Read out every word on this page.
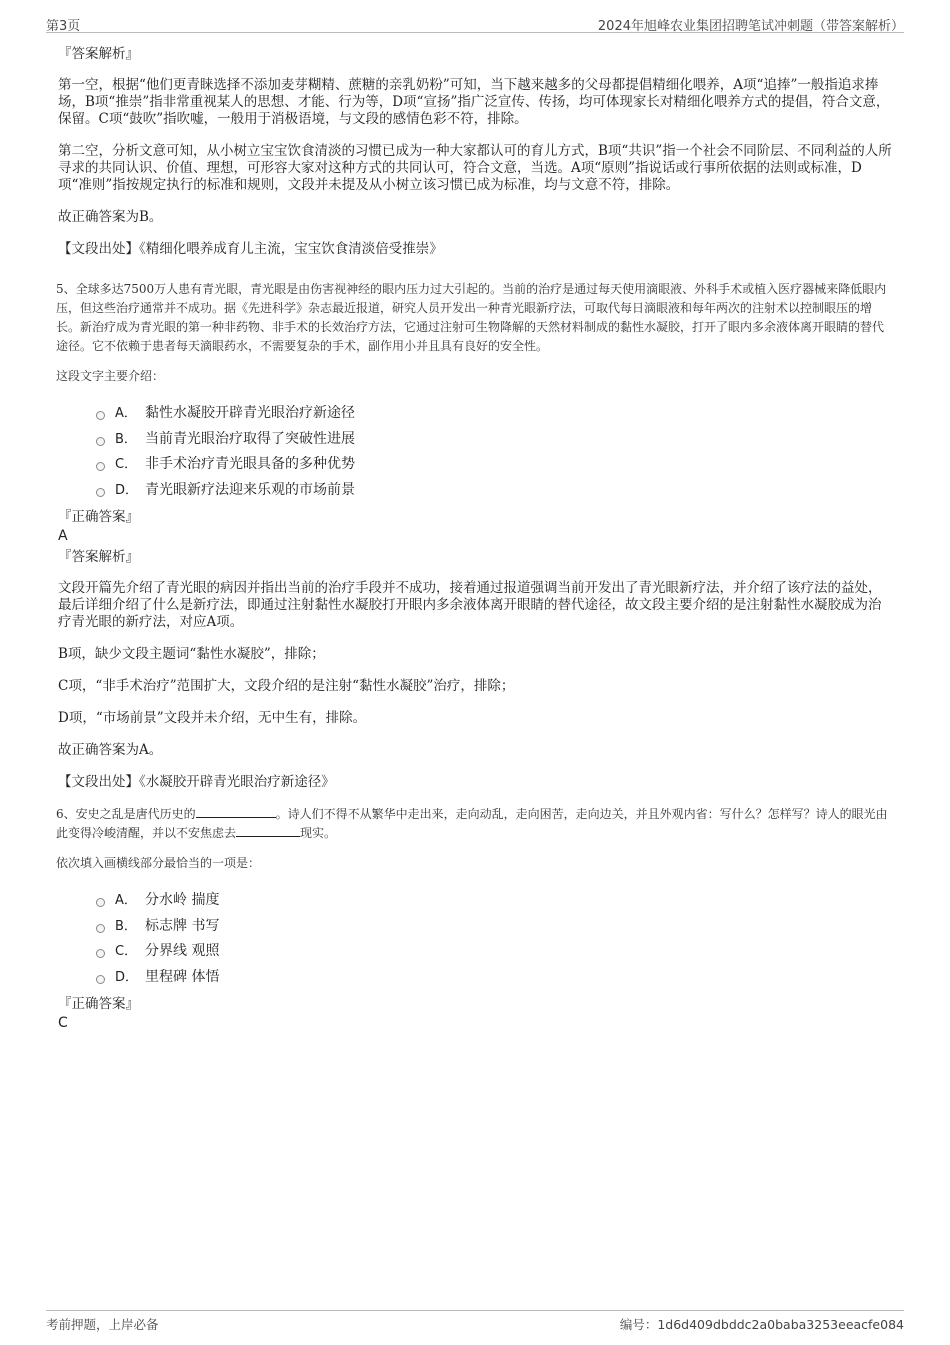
第3页	2024年旭峰农业集团招聘笔试冲刺题（带答案解析）
『答案解析』

第一空，根据“他们更青睐选择不添加麦芽糊精、蔗糖的亲乳奶粉”可知，当下越来越多的父母都提倡精细化喂养，A项“追捧”一般指追求捧场，B项“推崇”指非常重视某人的思想、才能、行为等，D项“宣扬”指广泛宣传、传扬，均可体现家长对精细化喂养方式的提倡，符合文意，保留。C项“鼓吹”指吹嘘，一般用于消极语境，与文段的感情色彩不符，排除。

第二空，分析文意可知，从小树立宝宝饮食清淡的习惯已成为一种大家都认可的育儿方式，B项“共识”指一个社会不同阶层、不同利益的人所寻求的共同认识、价值、理想，可形容大家对这种方式的共同认可，符合文意，当选。A项“原则”指说话或行事所依据的法则或标准，D项“准则”指按规定执行的标准和规则，文段并未提及从小树立该习惯已成为标准，均与文意不符，排除。

故正确答案为B。

【文段出处】《精细化喂养成育儿主流，宝宝饮食清淡倍受推崇》

5、全球多达7500万人患有青光眼，青光眼是由伤害视神经的眼内压力过大引起的。当前的治疗是通过每天使用滴眼液、外科手术或植入医疗器械来降低眼内压，但这些治疗通常并不成功。据《先进科学》杂志最近报道，研究人员开发出一种青光眼新疗法，可取代每日滴眼液和每年两次的注射术以控制眼压的增长。新治疗成为青光眼的第一种非药物、非手术的长效治疗方法，它通过注射可生物降解的天然材料制成的黏性水凝胶，打开了眼内多余液体离开眼睛的替代途径。它不依赖于患者每天滴眼药水，不需要复杂的手术，副作用小并且具有良好的安全性。

这段文字主要介绍：

A． 黏性水凝胶开辟青光眼治疗新途径
B． 当前青光眼治疗取得了突破性进展
C． 非手术治疗青光眼具备的多种优势
D． 青光眼新疗法迎来乐观的市场前景
『正确答案』
A
『答案解析』

文段开篇先介绍了青光眼的病因并指出当前的治疗手段并不成功，接着通过报道强调当前开发出了青光眼新疗法，并介绍了该疗法的益处，最后详细介绍了什么是新疗法，即通过注射黏性水凝胶打开眼内多余液体离开眼睛的替代途径，故文段主要介绍的是注射黏性水凝胶成为治疗青光眼的新疗法，对应A项。

B项，缺少文段主题词“黏性水凝胶”，排除；

C项，“非手术治疗”范围扩大，文段介绍的是注射“黏性水凝胶”治疗，排除；

D项，“市场前景”文段并未介绍，无中生有，排除。

故正确答案为A。

【文段出处】《水凝胶开辟青光眼治疗新途径》

6、安史之乱是唐代历史的	。诗人们不得不从繁华中走出来，走向动乱，走向困苦，走向边关，并且外观内省：写什么？怎样写？诗人的眼光由此变得冷峻清醒，并以不安焦虑去	现实。

依次填入画横线部分最恰当的一项是：

A． 分水岭 揣度
B． 标志牌 书写
C． 分界线 观照
D． 里程碑 体悟
『正确答案』
C
考前押题，上岸必备	编号：1d6d409dbddc2a0baba3253eeacfe084
